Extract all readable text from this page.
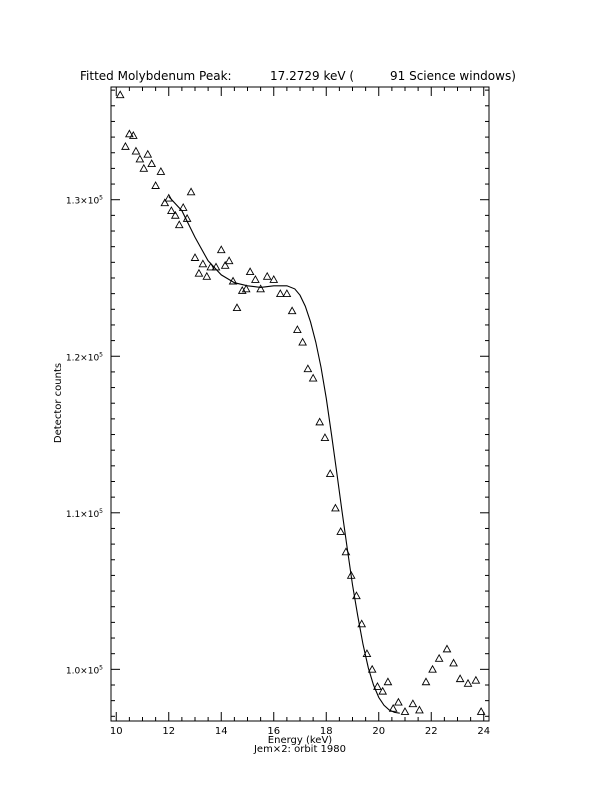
10	12	14	16	18	20	22	24
$1.0\times 10^5$
$1.1\times 10^5$
$1.2\times 10^5$
$1.3\times 10^5$
Fitted Molybdenum Peak:	17.2729 keV (	91 Science windows)
Energy (keV)
Jem×2: orbit 1980
Detector counts
